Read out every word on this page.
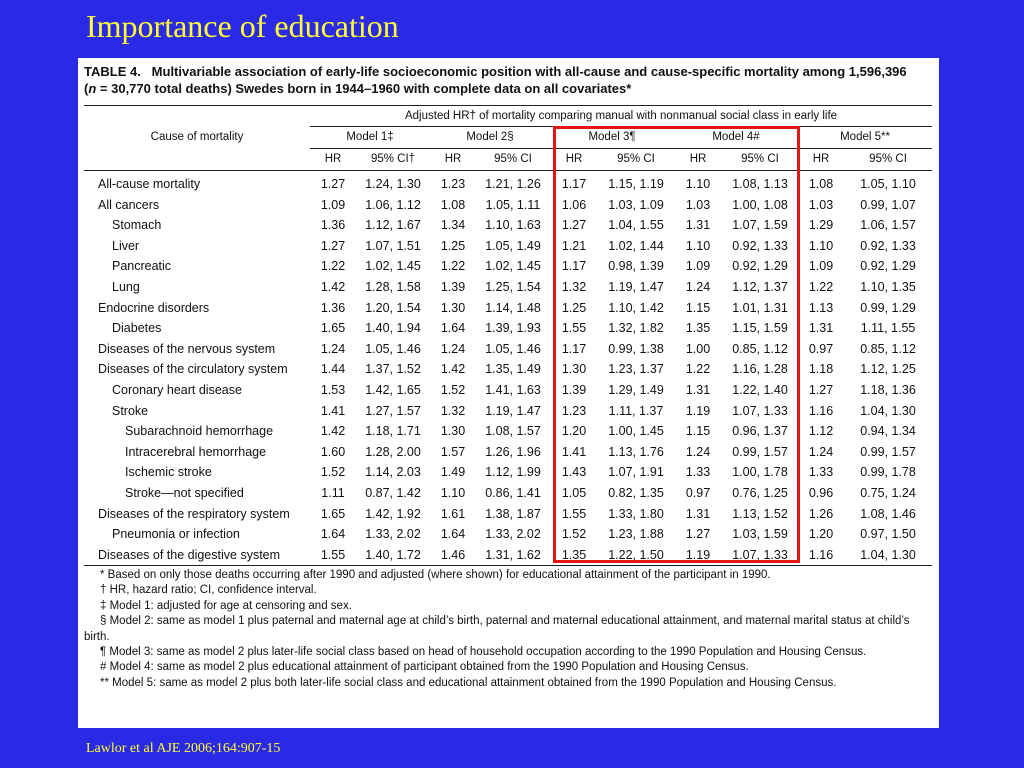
Importance of education
TABLE 4. Multivariable association of early-life socioeconomic position with all-cause and cause-specific mortality among 1,596,396
(n = 30,770 total deaths) Swedes born in 1944–1960 with complete data on all covariates*
	Adjusted HR† of mortality comparing manual with nonmanual social class in early life									
Cause of mortality	Model 1‡		Model 2§		Model 3¶		Model 4#		Model 5**	
	HR	95% CI†	HR	95% CI	HR	95% CI	HR	95% CI	HR	95% CI
All-cause mortality	1.27	1.24, 1.30	1.23	1.21, 1.26	1.17	1.15, 1.19	1.10	1.08, 1.13	1.08	1.05, 1.10
All cancers	1.09	1.06, 1.12	1.08	1.05, 1.11	1.06	1.03, 1.09	1.03	1.00, 1.08	1.03	0.99, 1.07
Stomach	1.36	1.12, 1.67	1.34	1.10, 1.63	1.27	1.04, 1.55	1.31	1.07, 1.59	1.29	1.06, 1.57
Liver	1.27	1.07, 1.51	1.25	1.05, 1.49	1.21	1.02, 1.44	1.10	0.92, 1.33	1.10	0.92, 1.33
Pancreatic	1.22	1.02, 1.45	1.22	1.02, 1.45	1.17	0.98, 1.39	1.09	0.92, 1.29	1.09	0.92, 1.29
Lung	1.42	1.28, 1.58	1.39	1.25, 1.54	1.32	1.19, 1.47	1.24	1.12, 1.37	1.22	1.10, 1.35
Endocrine disorders	1.36	1.20, 1.54	1.30	1.14, 1.48	1.25	1.10, 1.42	1.15	1.01, 1.31	1.13	0.99, 1.29
Diabetes	1.65	1.40, 1.94	1.64	1.39, 1.93	1.55	1.32, 1.82	1.35	1.15, 1.59	1.31	1.11, 1.55
Diseases of the nervous system	1.24	1.05, 1.46	1.24	1.05, 1.46	1.17	0.99, 1.38	1.00	0.85, 1.12	0.97	0.85, 1.12
Diseases of the circulatory system	1.44	1.37, 1.52	1.42	1.35, 1.49	1.30	1.23, 1.37	1.22	1.16, 1.28	1.18	1.12, 1.25
Coronary heart disease	1.53	1.42, 1.65	1.52	1.41, 1.63	1.39	1.29, 1.49	1.31	1.22, 1.40	1.27	1.18, 1.36
Stroke	1.41	1.27, 1.57	1.32	1.19, 1.47	1.23	1.11, 1.37	1.19	1.07, 1.33	1.16	1.04, 1.30
Subarachnoid hemorrhage	1.42	1.18, 1.71	1.30	1.08, 1.57	1.20	1.00, 1.45	1.15	0.96, 1.37	1.12	0.94, 1.34
Intracerebral hemorrhage	1.60	1.28, 2.00	1.57	1.26, 1.96	1.41	1.13, 1.76	1.24	0.99, 1.57	1.24	0.99, 1.57
Ischemic stroke	1.52	1.14, 2.03	1.49	1.12, 1.99	1.43	1.07, 1.91	1.33	1.00, 1.78	1.33	0.99, 1.78
Stroke—not specified	1.11	0.87, 1.42	1.10	0.86, 1.41	1.05	0.82, 1.35	0.97	0.76, 1.25	0.96	0.75, 1.24
Diseases of the respiratory system	1.65	1.42, 1.92	1.61	1.38, 1.87	1.55	1.33, 1.80	1.31	1.13, 1.52	1.26	1.08, 1.46
Pneumonia or infection	1.64	1.33, 2.02	1.64	1.33, 2.02	1.52	1.23, 1.88	1.27	1.03, 1.59	1.20	0.97, 1.50
Diseases of the digestive system	1.55	1.40, 1.72	1.46	1.31, 1.62	1.35	1.22, 1.50	1.19	1.07, 1.33	1.16	1.04, 1.30

* Based on only those deaths occurring after 1990 and adjusted (where shown) for educational attainment of the participant in 1990.

† HR, hazard ratio; CI, confidence interval.

‡ Model 1: adjusted for age at censoring and sex.

§ Model 2: same as model 1 plus paternal and maternal age at child’s birth, paternal and maternal educational attainment, and maternal marital status at child’s birth.

¶ Model 3: same as model 2 plus later-life social class based on head of household occupation according to the 1990 Population and Housing Census.

# Model 4: same as model 2 plus educational attainment of participant obtained from the 1990 Population and Housing Census.

** Model 5: same as model 2 plus both later-life social class and educational attainment obtained from the 1990 Population and Housing Census.

Lawlor et al AJE 2006;164:907-15
